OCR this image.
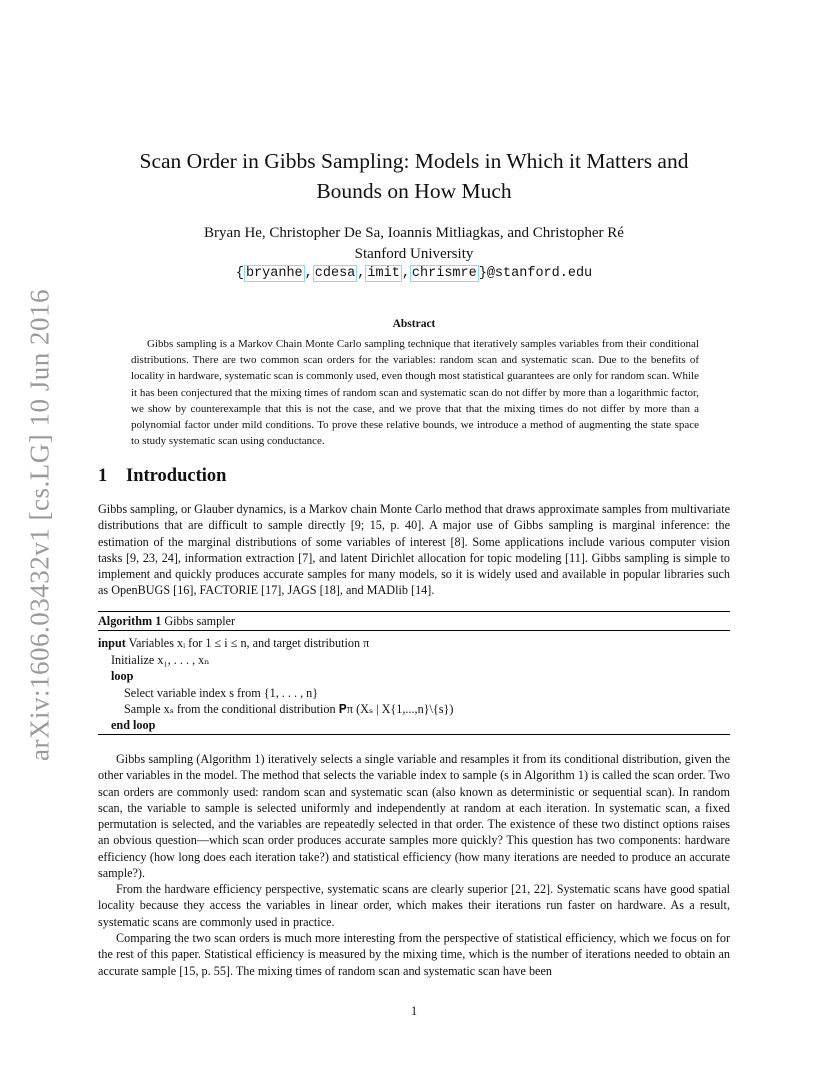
arXiv:1606.03432v1 [cs.LG] 10 Jun 2016
Scan Order in Gibbs Sampling: Models in Which it Matters and
Bounds on How Much
Bryan He, Christopher De Sa, Ioannis Mitliagkas, and Christopher Ré
Stanford University
{ bryanhe , cdesa , imit , chrismre }@stanford.edu
Abstract

Gibbs sampling is a Markov Chain Monte Carlo sampling technique that iteratively samples variables from their conditional distributions. There are two common scan orders for the variables: random scan and systematic scan. Due to the benefits of locality in hardware, systematic scan is commonly used, even though most statistical guarantees are only for random scan. While it has been conjectured that the mixing times of random scan and systematic scan do not differ by more than a logarithmic factor, we show by counterexample that this is not the case, and we prove that that the mixing times do not differ by more than a polynomial factor under mild conditions. To prove these relative bounds, we introduce a method of augmenting the state space to study systematic scan using conductance.

1 Introduction

Gibbs sampling, or Glauber dynamics, is a Markov chain Monte Carlo method that draws approximate samples from multivariate distributions that are difficult to sample directly [9; 15, p. 40]. A major use of Gibbs sampling is marginal inference: the estimation of the marginal distributions of some variables of interest [8]. Some applications include various computer vision tasks [9, 23, 24], information extraction [7], and latent Dirichlet allocation for topic modeling [11]. Gibbs sampling is simple to implement and quickly produces accurate samples for many models, so it is widely used and available in popular libraries such as OpenBUGS [16], FACTORIE [17], JAGS [18], and MADlib [14].

Algorithm 1 Gibbs sampler
input Variables xᵢ for 1 ≤ i ≤ n, and target distribution π
Initialize x₁, . . . , xₙ
loop
Select variable index s from {1, . . . , n}
Sample xₛ from the conditional distribution 𝐏π (Xₛ | X{1,...,n}\{s})
end loop

Gibbs sampling (Algorithm 1) iteratively selects a single variable and resamples it from its conditional distribution, given the other variables in the model. The method that selects the variable index to sample (s in Algorithm 1) is called the scan order. Two scan orders are commonly used: random scan and systematic scan (also known as deterministic or sequential scan). In random scan, the variable to sample is selected uniformly and independently at random at each iteration. In systematic scan, a fixed permutation is selected, and the variables are repeatedly selected in that order. The existence of these two distinct options raises an obvious question—which scan order produces accurate samples more quickly? This question has two components: hardware efficiency (how long does each iteration take?) and statistical efficiency (how many iterations are needed to produce an accurate sample?).

From the hardware efficiency perspective, systematic scans are clearly superior [21, 22]. Systematic scans have good spatial locality because they access the variables in linear order, which makes their iterations run faster on hardware. As a result, systematic scans are commonly used in practice.

Comparing the two scan orders is much more interesting from the perspective of statistical efficiency, which we focus on for the rest of this paper. Statistical efficiency is measured by the mixing time, which is the number of iterations needed to obtain an accurate sample [15, p. 55]. The mixing times of random scan and systematic scan have been

1
